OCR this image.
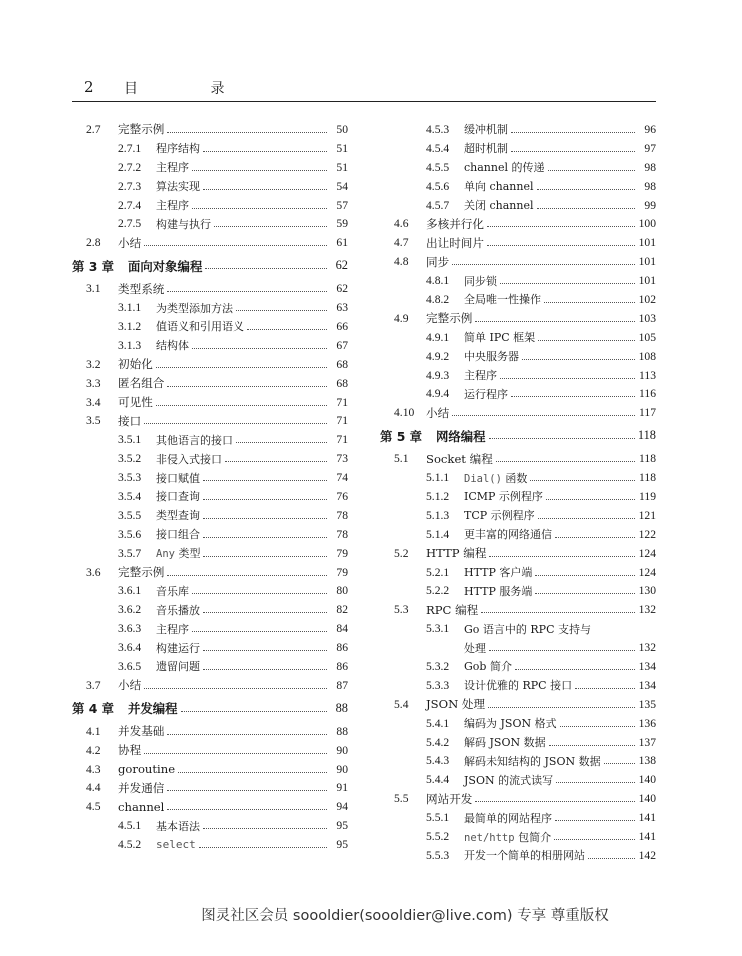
2 目 录
2.7	完整示例	50
2.7.1	程序结构	51
2.7.2	主程序	51
2.7.3	算法实现	54
2.7.4	主程序	57
2.7.5	构建与执行	59
2.8	小结	61
第 3 章	面向对象编程	62
3.1	类型系统	62
3.1.1	为类型添加方法	63
3.1.2	值语义和引用语义	66
3.1.3	结构体	67
3.2	初始化	68
3.3	匿名组合	68
3.4	可见性	71
3.5	接口	71
3.5.1	其他语言的接口	71
3.5.2	非侵入式接口	73
3.5.3	接口赋值	74
3.5.4	接口查询	76
3.5.5	类型查询	78
3.5.6	接口组合	78
3.5.7	Any 类型	79
3.6	完整示例	79
3.6.1	音乐库	80
3.6.2	音乐播放	82
3.6.3	主程序	84
3.6.4	构建运行	86
3.6.5	遗留问题	86
3.7	小结	87
第 4 章	并发编程	88
4.1	并发基础	88
4.2	协程	90
4.3	goroutine	90
4.4	并发通信	91
4.5	channel	94
4.5.1	基本语法	95
4.5.2	select	95
4.5.3	缓冲机制	96
4.5.4	超时机制	97
4.5.5	channel 的传递	98
4.5.6	单向 channel	98
4.5.7	关闭 channel	99
4.6	多核并行化	100
4.7	出让时间片	101
4.8	同步	101
4.8.1	同步锁	101
4.8.2	全局唯一性操作	102
4.9	完整示例	103
4.9.1	简单 IPC 框架	105
4.9.2	中央服务器	108
4.9.3	主程序	113
4.9.4	运行程序	116
4.10	小结	117
第 5 章	网络编程	118
5.1	Socket 编程	118
5.1.1	Dial() 函数	118
5.1.2	ICMP 示例程序	119
5.1.3	TCP 示例程序	121
5.1.4	更丰富的网络通信	122
5.2	HTTP 编程	124
5.2.1	HTTP 客户端	124
5.2.2	HTTP 服务端	130
5.3	RPC 编程	132
5.3.1	Go 语言中的 RPC 支持与
处理	132
5.3.2	Gob 简介	134
5.3.3	设计优雅的 RPC 接口	134
5.4	JSON 处理	135
5.4.1	编码为 JSON 格式	136
5.4.2	解码 JSON 数据	137
5.4.3	解码未知结构的 JSON 数据	138
5.4.4	JSON 的流式读写	140
5.5	网站开发	140
5.5.1	最简单的网站程序	141
5.5.2	net/http 包简介	141
5.5.3	开发一个简单的相册网站	142
图灵社区会员 soooldier(soooldier@live.com) 专享 尊重版权
